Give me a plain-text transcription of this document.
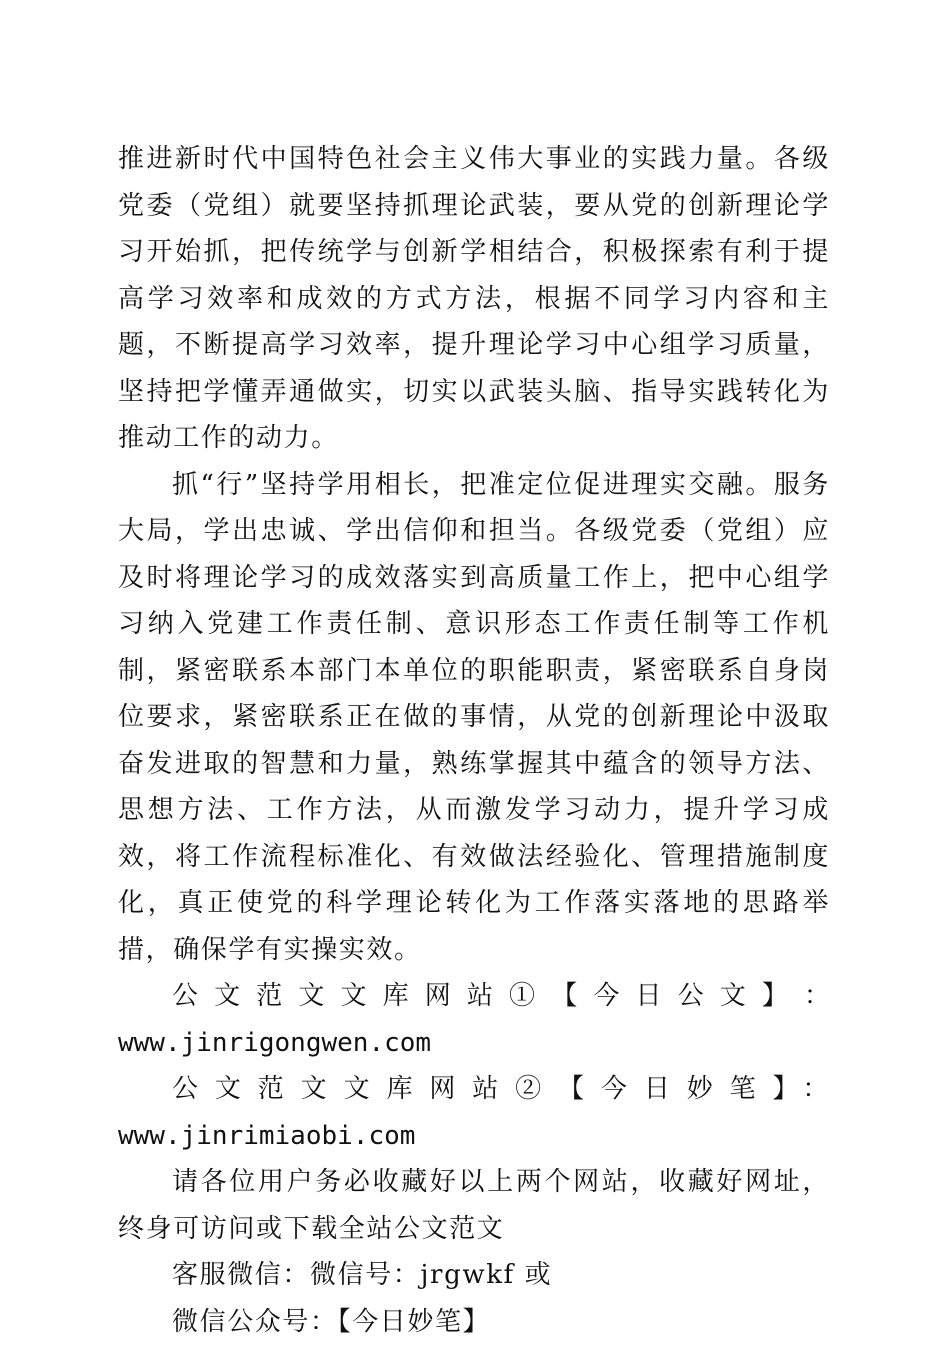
推进新时代中国特色社会主义伟大事业的实践力量。各级党委（党组）就要坚持抓理论武装，要从党的创新理论学习开始抓，把传统学与创新学相结合，积极探索有利于提高学习效率和成效的方式方法，根据不同学习内容和主题，不断提高学习效率，提升理论学习中心组学习质量，坚持把学懂弄通做实，切实以武装头脑、指导实践转化为推动工作的动力。

抓“行”坚持学用相长，把准定位促进理实交融。服务大局，学出忠诚、学出信仰和担当。各级党委（党组）应及时将理论学习的成效落实到高质量工作上，把中心组学习纳入党建工作责任制、意识形态工作责任制等工作机制，紧密联系本部门本单位的职能职责，紧密联系自身岗位要求，紧密联系正在做的事情，从党的创新理论中汲取奋发进取的智慧和力量，熟练掌握其中蕴含的领导方法、思想方法、工作方法，从而激发学习动力，提升学习成效，将工作流程标准化、有效做法经验化、管理措施制度化，真正使党的科学理论转化为工作落实落地的思路举措，确保学有实操实效。

公 文 范 文 文 库 网 站 ① 【 今 日 公 文 】 ：

www.jinrigongwen.com

公文范文文库网站②【今日妙笔】：www.jinrimiaobi.com

请各位用户务必收藏好以上两个网站，收藏好网址，终身可访问或下载全站公文范文

客服微信：微信号：jrgwkf 或

微信公众号：【今日妙笔】
